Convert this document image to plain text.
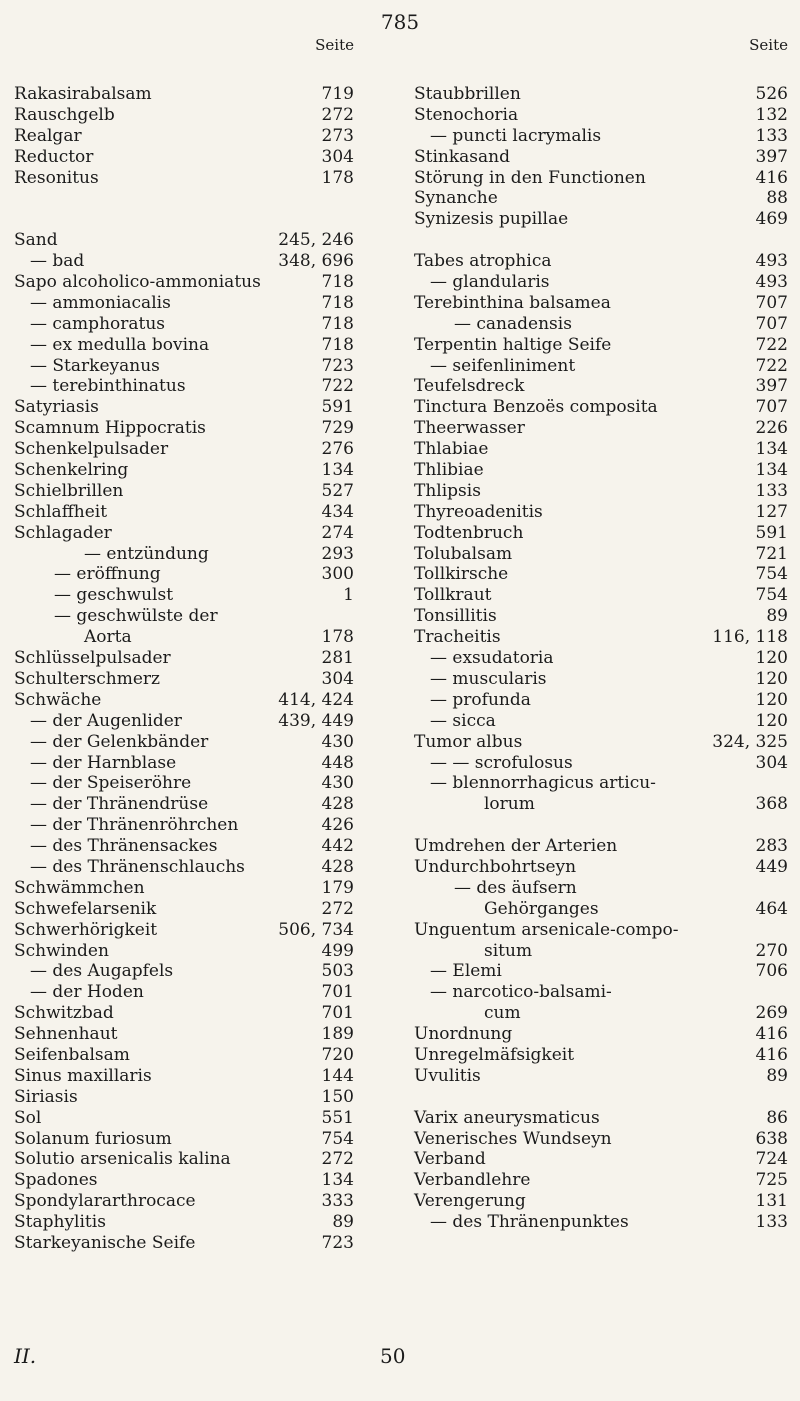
785
Seite
Rakasirabalsam	719
Rauschgelb	272
Realgar	273
Reductor	304
Resonitus	178
Sand	245, 246
— bad	348, 696
Sapo alcoholico-ammoniatus	718
— ammoniacalis	718
— camphoratus	718
— ex medulla bovina	718
— Starkeyanus	723
— terebinthinatus	722
Satyriasis	591
Scamnum Hippocratis	729
Schenkelpulsader	276
Schenkelring	134
Schielbrillen	527
Schlaffheit	434
Schlagader	274
— entzündung	293
— eröffnung	300
— geschwulst	1
— geschwülste der
Aorta	178
Schlüsselpulsader	281
Schulterschmerz	304
Schwäche	414, 424
— der Augenlider	439, 449
— der Gelenkbänder	430
— der Harnblase	448
— der Speiseröhre	430
— der Thränendrüse	428
— der Thränenröhrchen	426
— des Thränensackes	442
— des Thränenschlauchs	428
Schwämmchen	179
Schwefelarsenik	272
Schwerhörigkeit	506, 734
Schwinden	499
— des Augapfels	503
— der Hoden	701
Schwitzbad	701
Sehnenhaut	189
Seifenbalsam	720
Sinus maxillaris	144
Siriasis	150
Sol	551
Solanum furiosum	754
Solutio arsenicalis kalina	272
Spadones	134
Spondylararthrocace	333
Staphylitis	89
Starkeyanische Seife	723
Seite
Staubbrillen	526
Stenochoria	132
— puncti lacrymalis	133
Stinkasand	397
Störung in den Functionen	416
Synanche	88
Synizesis pupillae	469
Tabes atrophica	493
— glandularis	493
Terebinthina balsamea	707
— canadensis	707
Terpentin haltige Seife	722
— seifenliniment	722
Teufelsdreck	397
Tinctura Benzoës composita	707
Theerwasser	226
Thlabiae	134
Thlibiae	134
Thlipsis	133
Thyreoadenitis	127
Todtenbruch	591
Tolubalsam	721
Tollkirsche	754
Tollkraut	754
Tonsillitis	89
Tracheitis	116, 118
— exsudatoria	120
— muscularis	120
— profunda	120
— sicca	120
Tumor albus	324, 325
— — scrofulosus	304
— blennorrhagicus articu-
lorum	368
Umdrehen der Arterien	283
Undurchbohrtseyn	449
— des äufsern
Gehörganges	464
Unguentum arsenicale-compo-
situm	270
— Elemi	706
— narcotico-balsami-
cum	269
Unordnung	416
Unregelmäfsigkeit	416
Uvulitis	89
Varix aneurysmaticus	86
Venerisches Wundseyn	638
Verband	724
Verbandlehre	725
Verengerung	131
— des Thränenpunktes	133
II.	50
